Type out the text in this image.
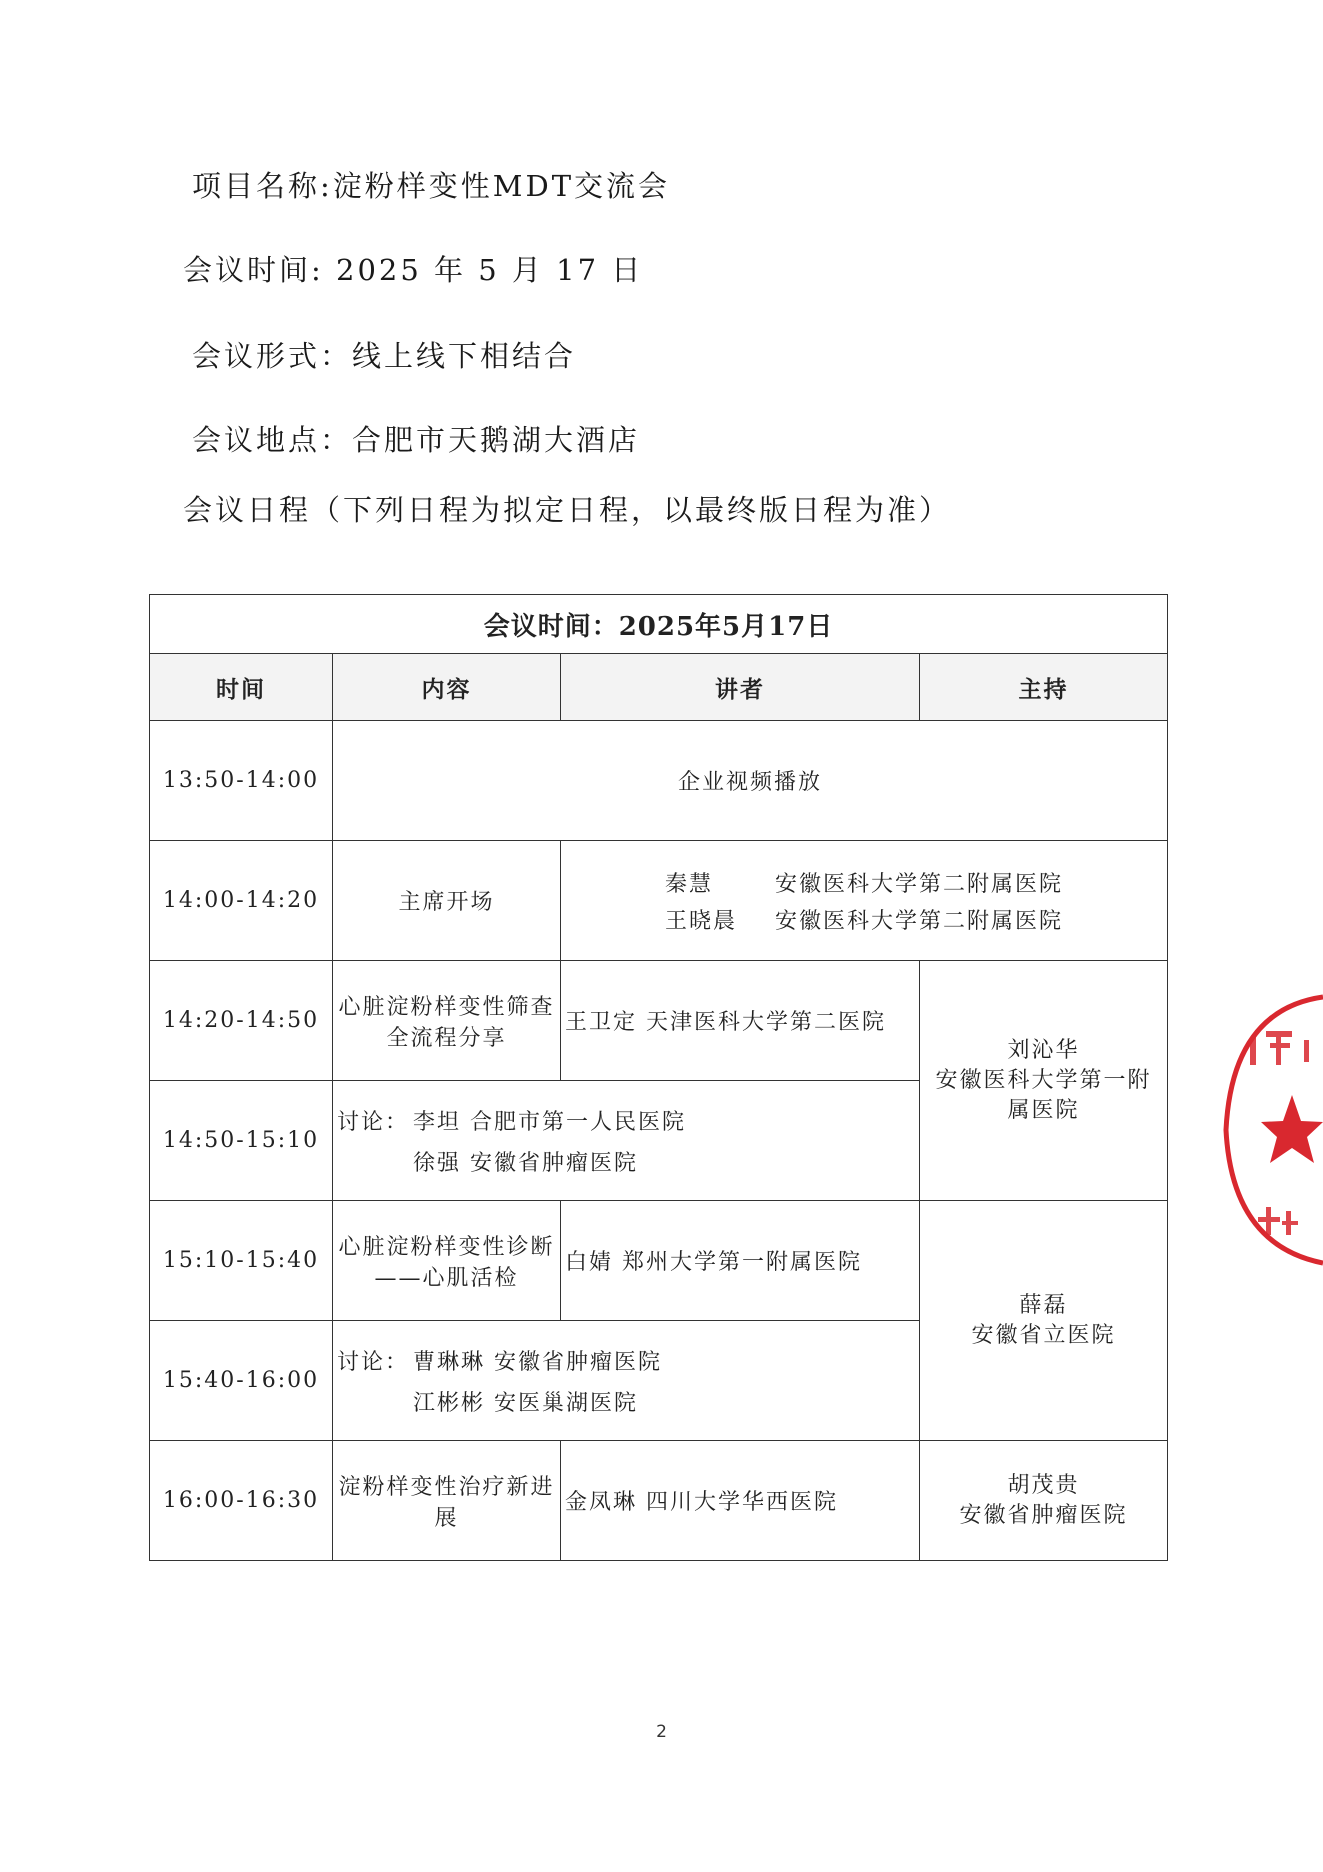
项目名称:淀粉样变性MDT交流会
会议时间: 2025 年 5 月 17 日
会议形式：线上线下相结合
会议地点：合肥市天鹅湖大酒店
会议日程（下列日程为拟定日程，以最终版日程为准）
会议时间：2025年5月17日			
时间	内容	讲者	主持
13:50-14:00	企业视频播放		
14:00-14:20	主席开场	秦慧 安徽医科大学第二附属医院
王晓晨 安徽医科大学第二附属医院	

14:20-14:50	心脏淀粉样变性筛查全流程分享	王卫定 天津医科大学第二医院	刘沁华
安徽医科大学第一附属医院

14:50-15:10	讨论： 李坦 合肥市第一人民医院
徐强 安徽省肿瘤医院		

15:10-15:40	心脏淀粉样变性诊断——心肌活检	白婧 郑州大学第一附属医院	薛磊
安徽省立医院

15:40-16:00	讨论： 曹琳琳 安徽省肿瘤医院
江彬彬 安医巢湖医院		

16:00-16:30	淀粉样变性治疗新进展	金凤琳 四川大学华西医院	胡茂贵
安徽省肿瘤医院
2
